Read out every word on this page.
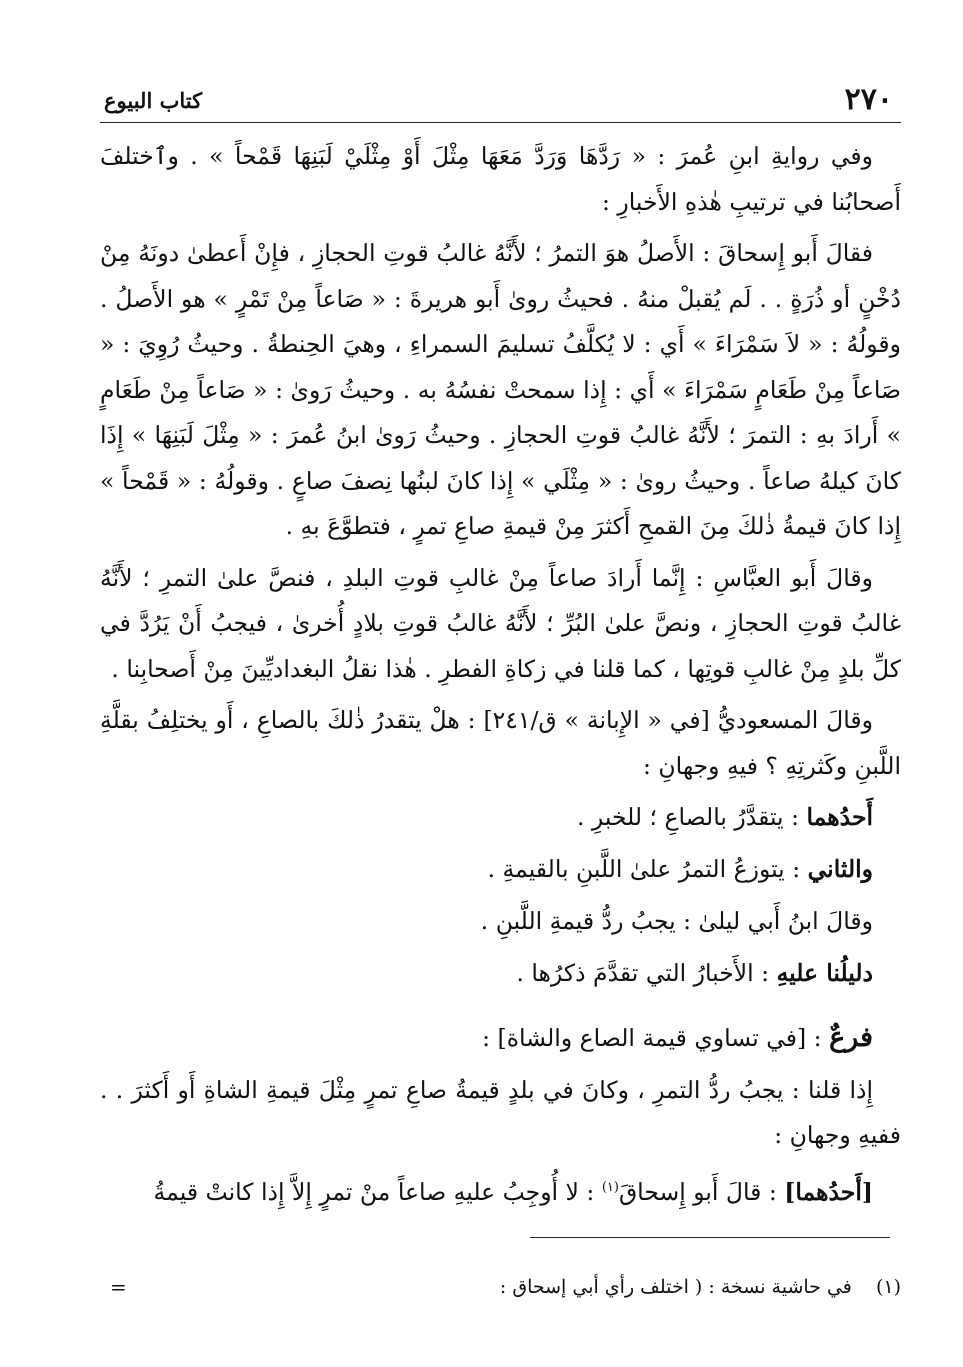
٢٧٠
كتاب البيوع

وفي روايةِ ابنِ عُمرَ : « رَدَّهَا وَرَدَّ مَعَهَا مِثْلَ أَوْ مِثْلَيْ لَبَنِهَا قَمْحاً » . وٱختلفَ أَصحابُنا في ترتيبِ هٰذهِ الأَخبارِ :

فقالَ أَبو إِسحاقَ : الأَصلُ هوَ التمرُ ؛ لأَنَّهُ غالبُ قوتِ الحجازِ ، فإِنْ أَعطىٰ دونَهُ مِنْ دُخْنٍ أو ذُرَةٍ . . لَم يُقبلْ منهُ . فحيثُ روىٰ أَبو هريرةَ : « صَاعاً مِنْ تَمْرٍ » هو الأَصلُ . وقولُهُ : « لاَ سَمْرَاءَ » أَي : لا يُكلَّفُ تسليمَ السمراءِ ، وهيَ الحِنطةُ . وحيثُ رُوِيَ : « صَاعاً مِنْ طَعَامٍ سَمْرَاءَ » أَي : إِذا سمحتْ نفسُهُ به . وحيثُ رَوىٰ : « صَاعاً مِنْ طَعَامٍ » أَرادَ بهِ : التمرَ ؛ لأَنَّهُ غالبُ قوتِ الحجازِ . وحيثُ رَوىٰ ابنُ عُمرَ : « مِثْلَ لَبَنِهَا » إِذَا كانَ كيلهُ صاعاً . وحيثُ روىٰ : « مِثْلَي » إِذا كانَ لبنُها نِصفَ صاعٍ . وقولُهُ : « قَمْحاً » إِذا كانَ قيمةُ ذٰلكَ مِنَ القمحِ أَكثرَ مِنْ قيمةِ صاعِ تمرٍ ، فتطوَّعَ بهِ .

وقالَ أَبو العبَّاسِ : إِنَّما أَرادَ صاعاً مِنْ غالبِ قوتِ البلدِ ، فنصَّ علىٰ التمرِ ؛ لأَنَّهُ غالبُ قوتِ الحجازِ ، ونصَّ علىٰ البُرِّ ؛ لأَنَّهُ غالبُ قوتِ بلادٍ أُخرىٰ ، فيجبُ أَنْ يَرُدَّ في كلِّ بلدٍ مِنْ غالبِ قوتِها ، كما قلنا في زكاةِ الفطرِ . هٰذا نقلُ البغداديِّينَ مِنْ أَصحابِنا .

وقالَ المسعوديُّ [في « الإِبانة » ق/٢٤١] : هلْ يتقدرُ ذٰلكَ بالصاعِ ، أَو يختلِفُ بقلَّةِ اللَّبنِ وكَثرتِهِ ؟ فيهِ وجهانِ :

أَحدُهما : يتقدَّرُ بالصاعِ ؛ للخبرِ .

والثاني : يتوزعُ التمرُ علىٰ اللَّبنِ بالقيمةِ .

وقالَ ابنُ أَبي ليلىٰ : يجبُ ردُّ قيمةِ اللَّبنِ .

دليلُنا عليهِ : الأَخبارُ التي تقدَّمَ ذكرُها .

فرعٌ : [في تساوي قيمة الصاع والشاة] :

إِذا قلنا : يجبُ ردُّ التمرِ ، وكانَ في بلدٍ قيمةُ صاعِ تمرٍ مِثْلَ قيمةِ الشاةِ أَو أَكثرَ . . ففيهِ وجهانِ :

[أَحدُهما] : قالَ أَبو إِسحاقَ$^{(١)}$ : لا أُوجِبُ عليهِ صاعاً منْ تمرٍ إِلاَّ إِذا كانتْ قيمةُ

(١) في حاشية نسخة : ( اختلف رأي أبي إسحاق :
=
